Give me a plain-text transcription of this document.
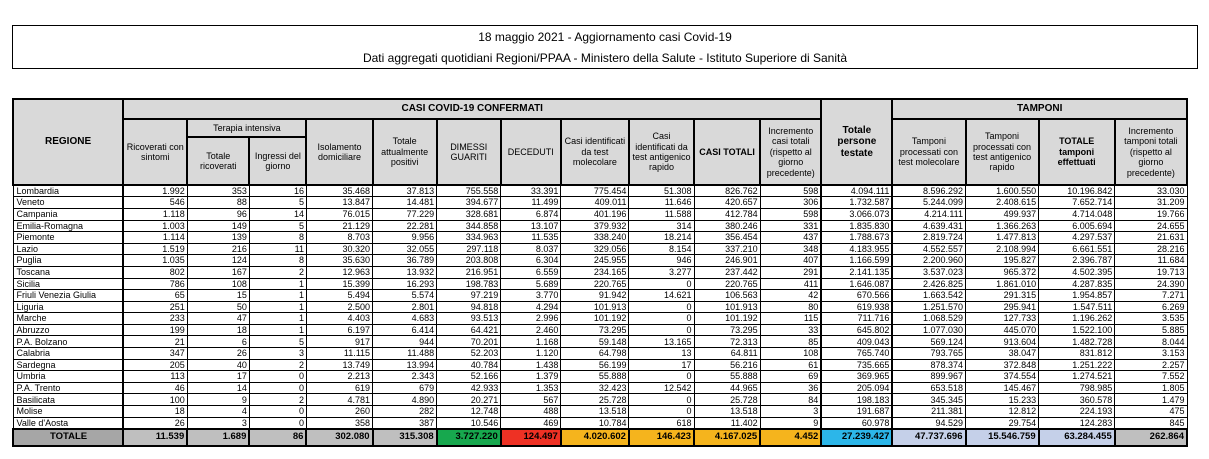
18 maggio 2021 - Aggiornamento casi Covid-19
Dati aggregati quotidiani Regioni/PPAA - Ministero della Salute - Istituto Superiore di Sanità
REGIONE	CASI COVID-19 CONFERMATI											Totale persone testate	TAMPONI			
	Ricoverati con sintomi	Terapia intensiva		Isolamento domiciliare	Totale attualmente positivi	DIMESSI GUARITI	DECEDUTI	Casi identificati da test molecolare	Casi identificati da test antigenico rapido	CASI TOTALI	Incremento casi totali (rispetto al giorno precedente)		Tamponi processati con test molecolare	Tamponi processati con test antigenico rapido	TOTALE tamponi effettuati	Incremento tamponi totali (rispetto al giorno precedente)
		Totale ricoverati	Ingressi del giorno													
Lombardia	1.992	353	16	35.468	37.813	755.558	33.391	775.454	51.308	826.762	598	4.094.111	8.596.292	1.600.550	10.196.842	33.030
Veneto	546	88	5	13.847	14.481	394.677	11.499	409.011	11.646	420.657	306	1.732.587	5.244.099	2.408.615	7.652.714	31.209
Campania	1.118	96	14	76.015	77.229	328.681	6.874	401.196	11.588	412.784	598	3.066.073	4.214.111	499.937	4.714.048	19.766
Emilia-Romagna	1.003	149	5	21.129	22.281	344.858	13.107	379.932	314	380.246	331	1.835.830	4.639.431	1.366.263	6.005.694	24.655
Piemonte	1.114	139	8	8.703	9.956	334.963	11.535	338.240	18.214	356.454	437	1.788.673	2.819.724	1.477.813	4.297.537	21.631
Lazio	1.519	216	11	30.320	32.055	297.118	8.037	329.056	8.154	337.210	348	4.183.955	4.552.557	2.108.994	6.661.551	28.216
Puglia	1.035	124	8	35.630	36.789	203.808	6.304	245.955	946	246.901	407	1.166.599	2.200.960	195.827	2.396.787	11.684
Toscana	802	167	2	12.963	13.932	216.951	6.559	234.165	3.277	237.442	291	2.141.135	3.537.023	965.372	4.502.395	19.713
Sicilia	786	108	1	15.399	16.293	198.783	5.689	220.765	0	220.765	411	1.646.087	2.426.825	1.861.010	4.287.835	24.390
Friuli Venezia Giulia	65	15	1	5.494	5.574	97.219	3.770	91.942	14.621	106.563	42	670.566	1.663.542	291.315	1.954.857	7.271
Liguria	251	50	1	2.500	2.801	94.818	4.294	101.913	0	101.913	80	619.938	1.251.570	295.941	1.547.511	6.269
Marche	233	47	1	4.403	4.683	93.513	2.996	101.192	0	101.192	115	711.716	1.068.529	127.733	1.196.262	3.535
Abruzzo	199	18	1	6.197	6.414	64.421	2.460	73.295	0	73.295	33	645.802	1.077.030	445.070	1.522.100	5.885
P.A. Bolzano	21	6	5	917	944	70.201	1.168	59.148	13.165	72.313	85	409.043	569.124	913.604	1.482.728	8.044
Calabria	347	26	3	11.115	11.488	52.203	1.120	64.798	13	64.811	108	765.740	793.765	38.047	831.812	3.153
Sardegna	205	40	2	13.749	13.994	40.784	1.438	56.199	17	56.216	61	735.665	878.374	372.848	1.251.222	2.257
Umbria	113	17	0	2.213	2.343	52.166	1.379	55.888	0	55.888	69	369.965	899.967	374.554	1.274.521	7.552
P.A. Trento	46	14	0	619	679	42.933	1.353	32.423	12.542	44.965	36	205.094	653.518	145.467	798.985	1.805
Basilicata	100	9	2	4.781	4.890	20.271	567	25.728	0	25.728	84	198.183	345.345	15.233	360.578	1.479
Molise	18	4	0	260	282	12.748	488	13.518	0	13.518	3	191.687	211.381	12.812	224.193	475
Valle d'Aosta	26	3	0	358	387	10.546	469	10.784	618	11.402	9	60.978	94.529	29.754	124.283	845
TOTALE	11.539	1.689	86	302.080	315.308	3.727.220	124.497	4.020.602	146.423	4.167.025	4.452	27.239.427	47.737.696	15.546.759	63.284.455	262.864
